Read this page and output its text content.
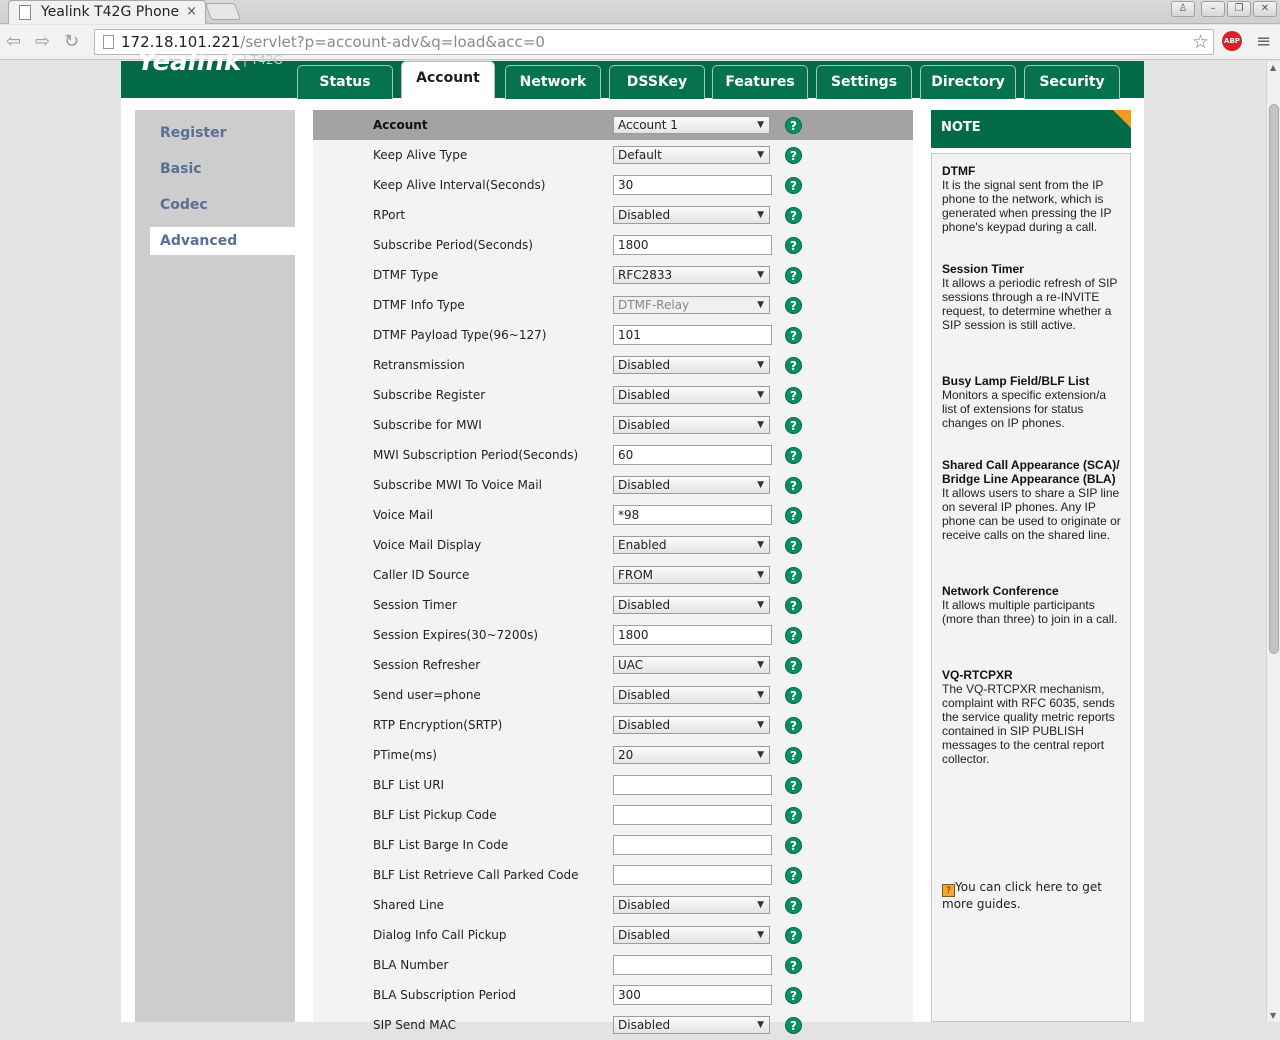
Yealink T42G Phone ×	♙	–	❐	✕
⇦ ⇨ ↻	172.18.101.221/servlet?p=account-adv&q=load&acc=0	☆ ABP ≡
Yealink | T42G
Status	Account	Network	DSSKey	Features	Settings	Directory	Security
Register
Basic
Codec
Advanced
Account	Account 1	▼	?
Keep Alive Type	Default	▼	?
Keep Alive Interval(Seconds)	30	?
RPort	Disabled	▼	?
Subscribe Period(Seconds)	1800	?
DTMF Type	RFC2833	▼	?
DTMF Info Type	DTMF-Relay	▼	?
DTMF Payload Type(96~127)	101	?
Retransmission	Disabled	▼	?
Subscribe Register	Disabled	▼	?
Subscribe for MWI	Disabled	▼	?
MWI Subscription Period(Seconds)	60	?
Subscribe MWI To Voice Mail	Disabled	▼	?
Voice Mail	*98	?
Voice Mail Display	Enabled	▼	?
Caller ID Source	FROM	▼	?
Session Timer	Disabled	▼	?
Session Expires(30~7200s)	1800	?
Session Refresher	UAC	▼	?
Send user=phone	Disabled	▼	?
RTP Encryption(SRTP)	Disabled	▼	?
PTime(ms)	20	▼	?
BLF List URI	?
BLF List Pickup Code	?
BLF List Barge In Code	?
BLF List Retrieve Call Parked Code	?
Shared Line	Disabled	▼	?
Dialog Info Call Pickup	Disabled	▼	?
BLA Number	?
BLA Subscription Period	300	?
SIP Send MAC	Disabled	▼	?
NOTE
DTMF
It is the signal sent from the IP phone to the network, which is generated when pressing the IP phone's keypad during a call.
Session Timer
It allows a periodic refresh of SIP sessions through a re-INVITE request, to determine whether a SIP session is still active.
Busy Lamp Field/BLF List
Monitors a specific extension/a list of extensions for status changes on IP phones.
Shared Call Appearance (SCA)/ Bridge Line Appearance (BLA)
It allows users to share a SIP line on several IP phones. Any IP phone can be used to originate or receive calls on the shared line.
Network Conference
It allows multiple participants (more than three) to join in a call.
VQ-RTCPXR
The VQ-RTCPXR mechanism, complaint with RFC 6035, sends the service quality metric reports contained in SIP PUBLISH messages to the central report collector.
? You can click here to get more guides.
▲
▼
